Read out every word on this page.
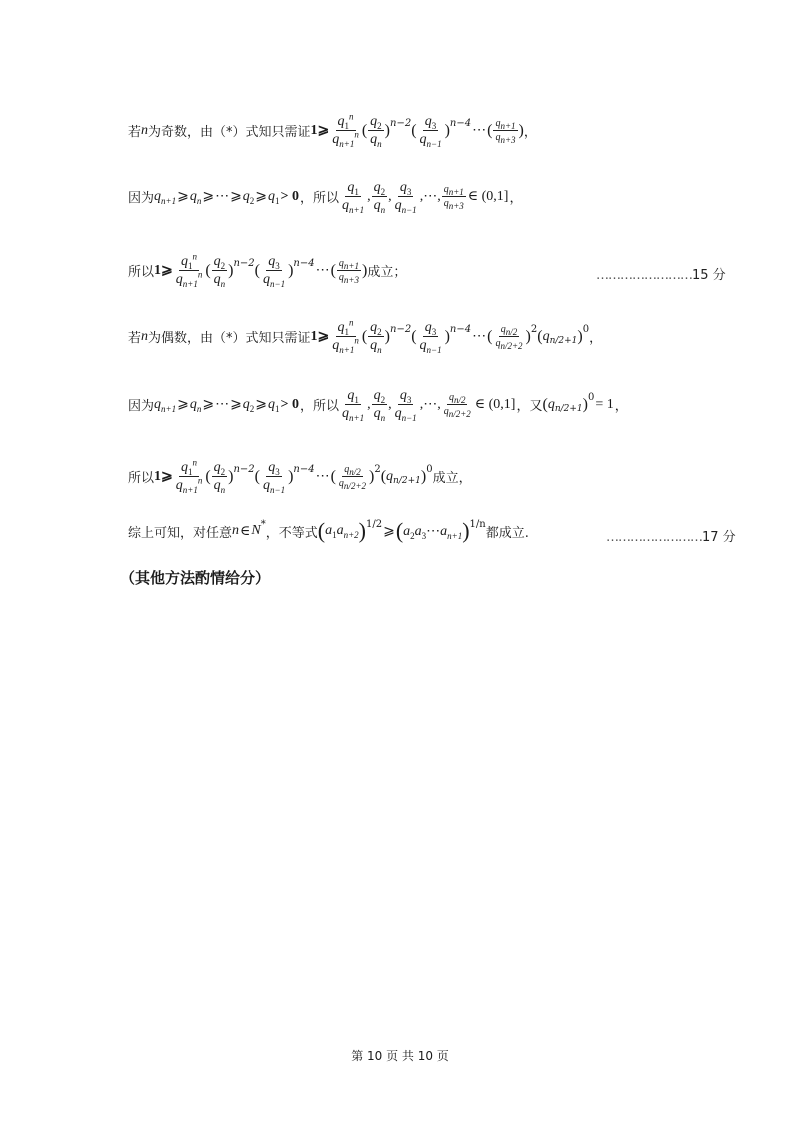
若 n 为奇数，由（*）式知只需证 1 ⩾ $\frac{q_1^n}{q_{n+1}^n}$ ( $\frac{q_2}{q_n}$ ) n−2 ( $\frac{q_3}{q_{n-1}}$ ) n−4 ⋯ ( $\frac{q_{n+1}}{q_{n+3}}$ ) ，
因为 $q_{n+1}$ ⩾ $q_n$ ⩾ ⋯ ⩾ $q_2$ ⩾ $q_1 > 0$ ，所以 $\frac{q_1}{q_{n+1}}$ , $\frac{q_2}{q_n}$ , $\frac{q_3}{q_{n-1}}$ , ⋯ , $\frac{q_{n+1}}{q_{n+3}}$ ∈ (0,1] ，
所以 1 ⩾ $\frac{q_1^n}{q_{n+1}^n}$ ( $\frac{q_2}{q_n}$ ) n−2 ( $\frac{q_3}{q_{n-1}}$ ) n−4 ⋯ ( $\frac{q_{n+1}}{q_{n+3}}$ ) 成立；	……………………15 分
若 n 为偶数，由（*）式知只需证 1 ⩾ $\frac{q_1^n}{q_{n+1}^n}$ ( $\frac{q_2}{q_n}$ ) n−2 ( $\frac{q_3}{q_{n-1}}$ ) n−4 ⋯ ( $\frac{q_{n/2}}{q_{n/2+2}}$ ) 2 ( q n/2+1 ) 0
，
因为 $q_{n+1}$ ⩾ $q_n$ ⩾ ⋯ ⩾ $q_2$ ⩾ $q_1 > 0$ ，所以 $\frac{q_1}{q_{n+1}}$ , $\frac{q_2}{q_n}$ , $\frac{q_3}{q_{n-1}}$ , ⋯ , $\frac{q_{n/2}}{q_{n/2+2}}$ ∈ (0,1] ，又 ( q n/2+1 ) 0 = 1 ，
所以 1 ⩾ $\frac{q_1^n}{q_{n+1}^n}$ ( $\frac{q_2}{q_n}$ ) n−2 ( $\frac{q_3}{q_{n-1}}$ ) n−4 ⋯ ( $\frac{q_{n/2}}{q_{n/2+2}}$ ) 2 ( q n/2+1 ) 0
成立，
综上可知，对任意 n ∈ N *
，不等式 ( $a_1a_{n+2}$ ) 1/2 ⩾ ( $a_2a_3\cdots a_{n+1}$ ) 1/n
都成立.	……………………17 分
（其他方法酌情给分）
第 10 页 共 10 页
